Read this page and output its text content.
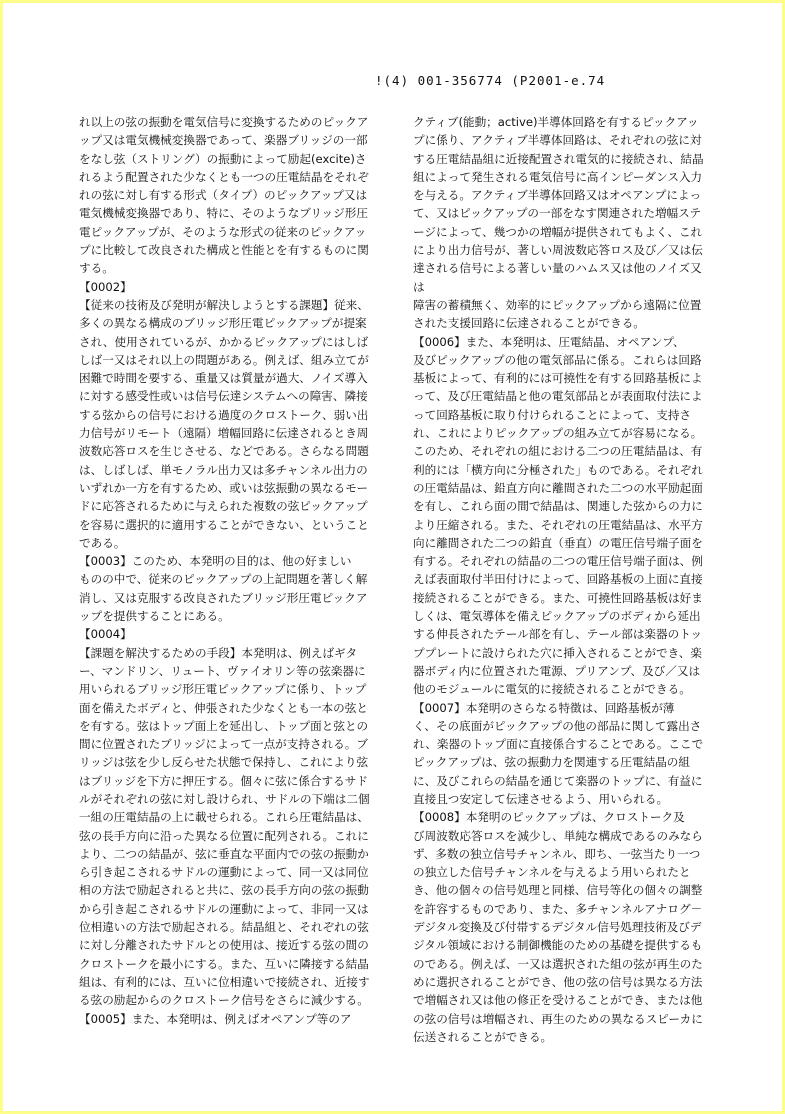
!(4) 001-356774 (P2001-e.74

れ以上の弦の振動を電気信号に変換するためのピックア
ップ又は電気機械変換器であって、楽器ブリッジの一部
をなし弦（ストリング）の振動によって励起(excite)さ
れるよう配置された少なくとも一つの圧電結晶をそれぞ
れの弦に対し有する形式（タイプ）のピックアップ又は
電気機械変換器であり、特に、そのようなブリッジ形圧
電ピックアップが、そのような形式の従来のピックアッ
プに比較して改良された構成と性能とを有するものに関
する。

【0002】

【従来の技術及び発明が解決しようとする課題】従来、
多くの異なる構成のブリッジ形圧電ピックアップが提案
され、使用されているが、かかるピックアップにはしば
しば一又はそれ以上の問題がある。例えば、組み立てが
困難で時間を要する、重量又は質量が過大、ノイズ導入
に対する感受性或いは信号伝達システムへの障害、隣接
する弦からの信号における過度のクロストーク、弱い出
力信号がリモート（遠隔）増幅回路に伝達されるとき周
波数応答ロスを生じさせる、などである。さらなる問題
は、しばしば、単モノラル出力又は多チャンネル出力の
いずれか一方を有するため、或いは弦振動の異なるモー
ドに応答されるために与えられた複数の弦ピックアップ
を容易に選択的に適用することができない、ということ
である。

【0003】このため、本発明の目的は、他の好ましい
ものの中で、従来のピックアップの上記問題を著しく解
消し、又は克服する改良されたブリッジ形圧電ピックア
ップを提供することにある。

【0004】

【課題を解決するための手段】本発明は、例えばギタ
ー、マンドリン、リュート、ヴァイオリン等の弦楽器に
用いられるブリッジ形圧電ピックアップに係り、トップ
面を備えたボディと、伸張された少なくとも一本の弦と
を有する。弦はトップ面上を延出し、トップ面と弦との
間に位置されたブリッジによって一点が支持される。ブ
リッジは弦を少し反らせた状態で保持し、これにより弦
はブリッジを下方に押圧する。個々に弦に係合するサド
ルがそれぞれの弦に対し設けられ、サドルの下端は二個
一組の圧電結晶の上に載せられる。これら圧電結晶は、
弦の長手方向に沿った異なる位置に配列される。これに
より、二つの結晶が、弦に垂直な平面内での弦の振動か
ら引き起こされるサドルの運動によって、同一又は同位
相の方法で励起されると共に、弦の長手方向の弦の振動
から引き起こされるサドルの運動によって、非同一又は
位相違いの方法で励起される。結晶組と、それぞれの弦
に対し分離されたサドルとの使用は、接近する弦の間の
クロストークを最小にする。また、互いに隣接する結晶
組は、有利的には、互いに位相違いで接続され、近接す
る弦の励起からのクロストーク信号をさらに減少する。

【0005】また、本発明は、例えばオペアンプ等のア

クティブ(能動；active)半導体回路を有するピックアッ
プに係り、アクティブ半導体回路は、それぞれの弦に対
する圧電結晶組に近接配置され電気的に接続され、結晶
組によって発生される電気信号に高インピーダンス入力
を与える。アクティブ半導体回路又はオペアンプによっ
て、又はピックアップの一部をなす関連された増幅ステ
ージによって、幾つかの増幅が提供されてもよく、これ
により出力信号が、著しい周波数応答ロス及び／又は伝
達される信号による著しい量のハムス又は他のノイズ又は
障害の蓄積無く、効率的にピックアップから遠隔に位置
された支援回路に伝達されることができる。

【0006】また、本発明は、圧電結晶、オペアンプ、
及びピックアップの他の電気部品に係る。これらは回路
基板によって、有利的には可撓性を有する回路基板によ
って、及び圧電結晶と他の電気部品とが表面取付法によ
って回路基板に取り付けられることによって、支持さ
れ、これによりピックアップの組み立てが容易になる。
このため、それぞれの組における二つの圧電結晶は、有
利的には「横方向に分極された」ものである。それぞれ
の圧電結晶は、鉛直方向に離間された二つの水平励起面
を有し、これら面の間で結晶は、関連した弦からの力に
より圧縮される。また、それぞれの圧電結晶は、水平方
向に離間された二つの鉛直（垂直）の電圧信号端子面を
有する。それぞれの結晶の二つの電圧信号端子面は、例
えば表面取付半田付けによって、回路基板の上面に直接
接続されることができる。また、可撓性回路基板は好ま
しくは、電気導体を備えピックアップのボディから延出
する伸長されたテール部を有し、テール部は楽器のトッ
ププレートに設けられた穴に挿入されることができ、楽
器ボディ内に位置された電源、プリアンプ、及び／又は
他のモジュールに電気的に接続されることができる。

【0007】本発明のさらなる特徴は、回路基板が薄
く、その底面がピックアップの他の部品に関して露出さ
れ、楽器のトップ面に直接係合することである。ここで
ピックアップは、弦の振動力を関連する圧電結晶の組
に、及びこれらの結晶を通じて楽器のトップに、有益に
直接且つ安定して伝達させるよう、用いられる。

【0008】本発明のピックアップは、クロストーク及
び周波数応答ロスを減少し、単純な構成であるのみなら
ず、多数の独立信号チャンネル、即ち、一弦当たり一つ
の独立した信号チャンネルを与えるよう用いられたと
き、他の個々の信号処理と同様、信号等化の個々の調整
を許容するものであり、また、多チャンネルアナログ－
デジタル変換及び付帯するデジタル信号処理技術及びデ
ジタル領域における制御機能のための基礎を提供するも
のである。例えば、一又は選択された組の弦が再生のた
めに選択されることができ、他の弦の信号は異なる方法
で増幅され又は他の修正を受けることができ、または他
の弦の信号は増幅され、再生のための異なるスピーカに
伝送されることができる。
